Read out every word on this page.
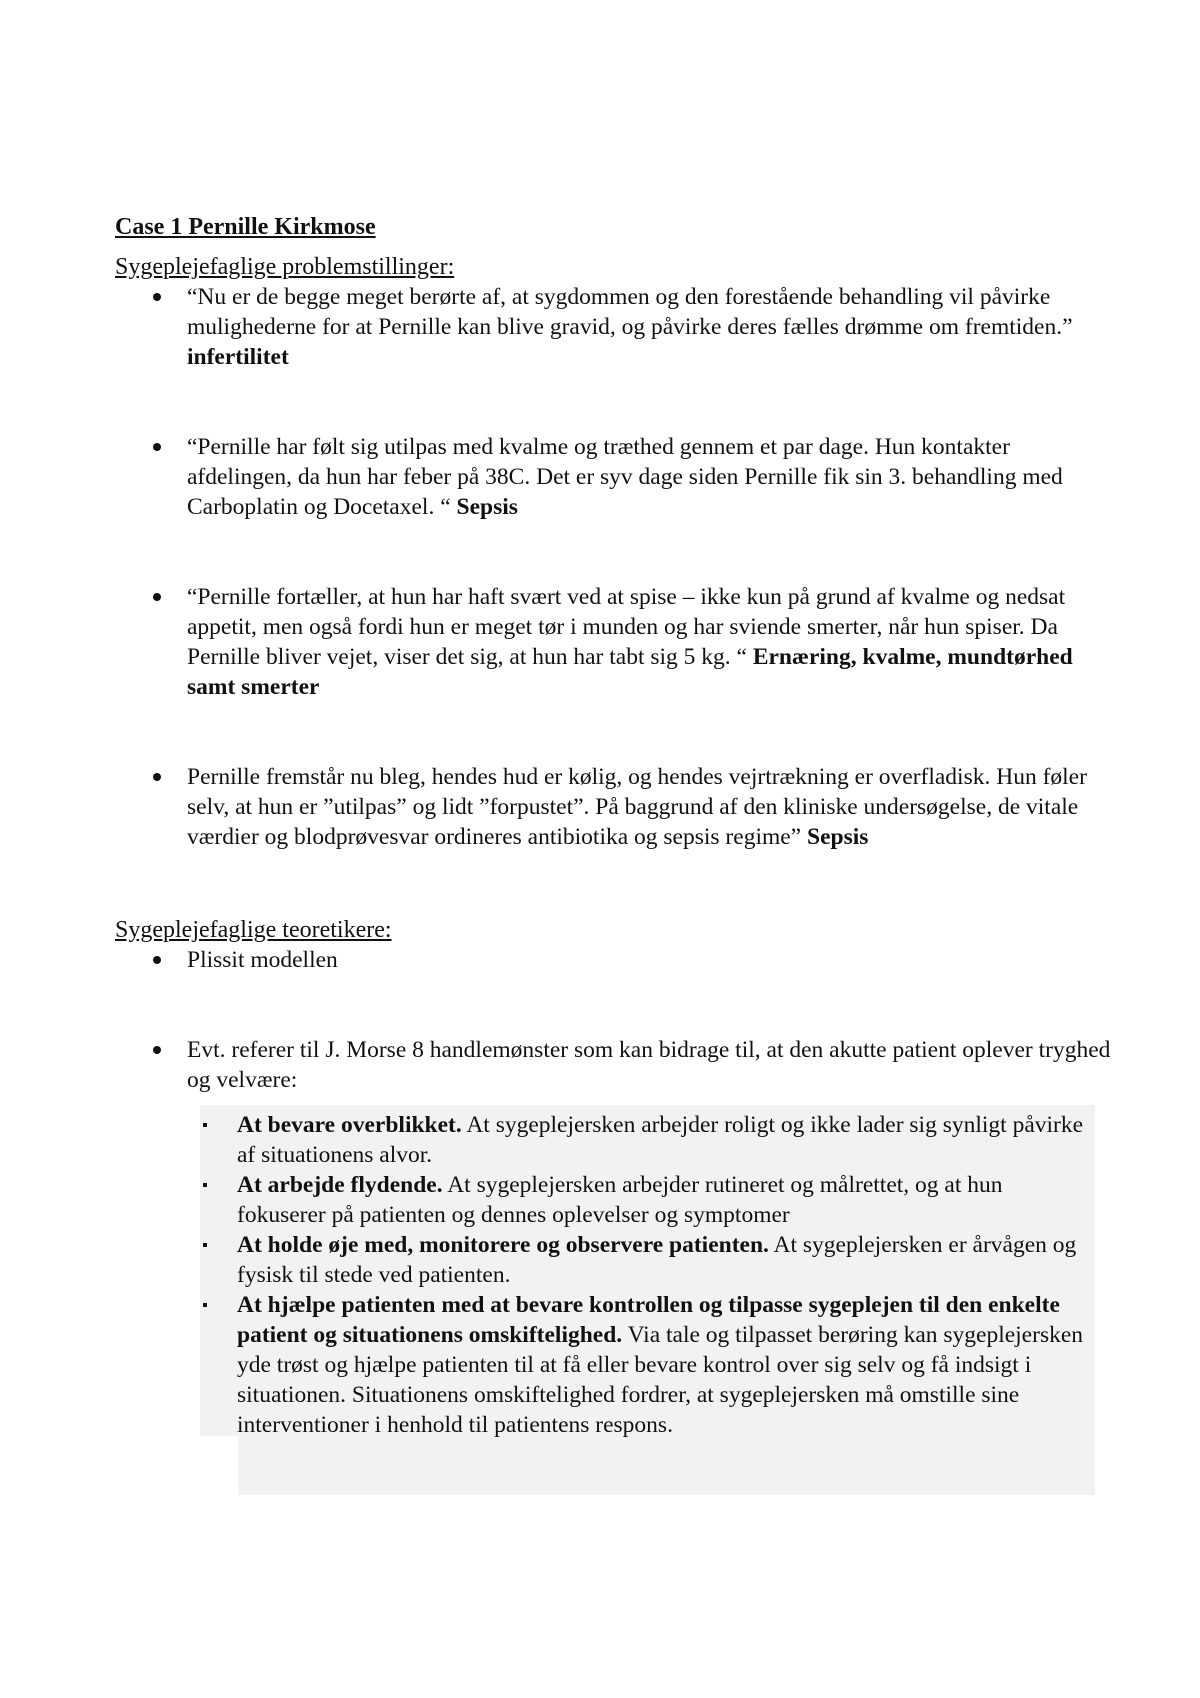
Case 1 Pernille Kirkmose
Sygeplejefaglige problemstillinger:
“Nu er de begge meget berørte af, at sygdommen og den forestående behandling vil påvirke mulighederne for at Pernille kan blive gravid, og påvirke deres fælles drømme om fremtiden.” infertilitet
“Pernille har følt sig utilpas med kvalme og træthed gennem et par dage. Hun kontakter afdelingen, da hun har feber på 38C. Det er syv dage siden Pernille fik sin 3. behandling med Carboplatin og Docetaxel. “ Sepsis
“Pernille fortæller, at hun har haft svært ved at spise – ikke kun på grund af kvalme og nedsat appetit, men også fordi hun er meget tør i munden og har sviende smerter, når hun spiser. Da Pernille bliver vejet, viser det sig, at hun har tabt sig 5 kg. “ Ernæring, kvalme, mundtørhed samt smerter
Pernille fremstår nu bleg, hendes hud er kølig, og hendes vejrtrækning er overfladisk. Hun føler selv, at hun er ”utilpas” og lidt ”forpustet”. På baggrund af den kliniske undersøgelse, de vitale værdier og blodprøvesvar ordineres antibiotika og sepsis regime” Sepsis
Sygeplejefaglige teoretikere:
Plissit modellen
Evt. referer til J. Morse 8 handlemønster som kan bidrage til, at den akutte patient oplever tryghed og velvære:
At bevare overblikket. At sygeplejersken arbejder roligt og ikke lader sig synligt påvirke af situationens alvor.
At arbejde flydende. At sygeplejersken arbejder rutineret og målrettet, og at hun fokuserer på patienten og dennes oplevelser og symptomer
At holde øje med, monitorere og observere patienten. At sygeplejersken er årvågen og fysisk til stede ved patienten.
At hjælpe patienten med at bevare kontrollen og tilpasse sygeplejen til den enkelte patient og situationens omskiftelighed. Via tale og tilpasset berøring kan sygeplejersken yde trøst og hjælpe patienten til at få eller bevare kontrol over sig selv og få indsigt i situationen. Situationens omskiftelighed fordrer, at sygeplejersken må omstille sine interventioner i henhold til patientens respons.
